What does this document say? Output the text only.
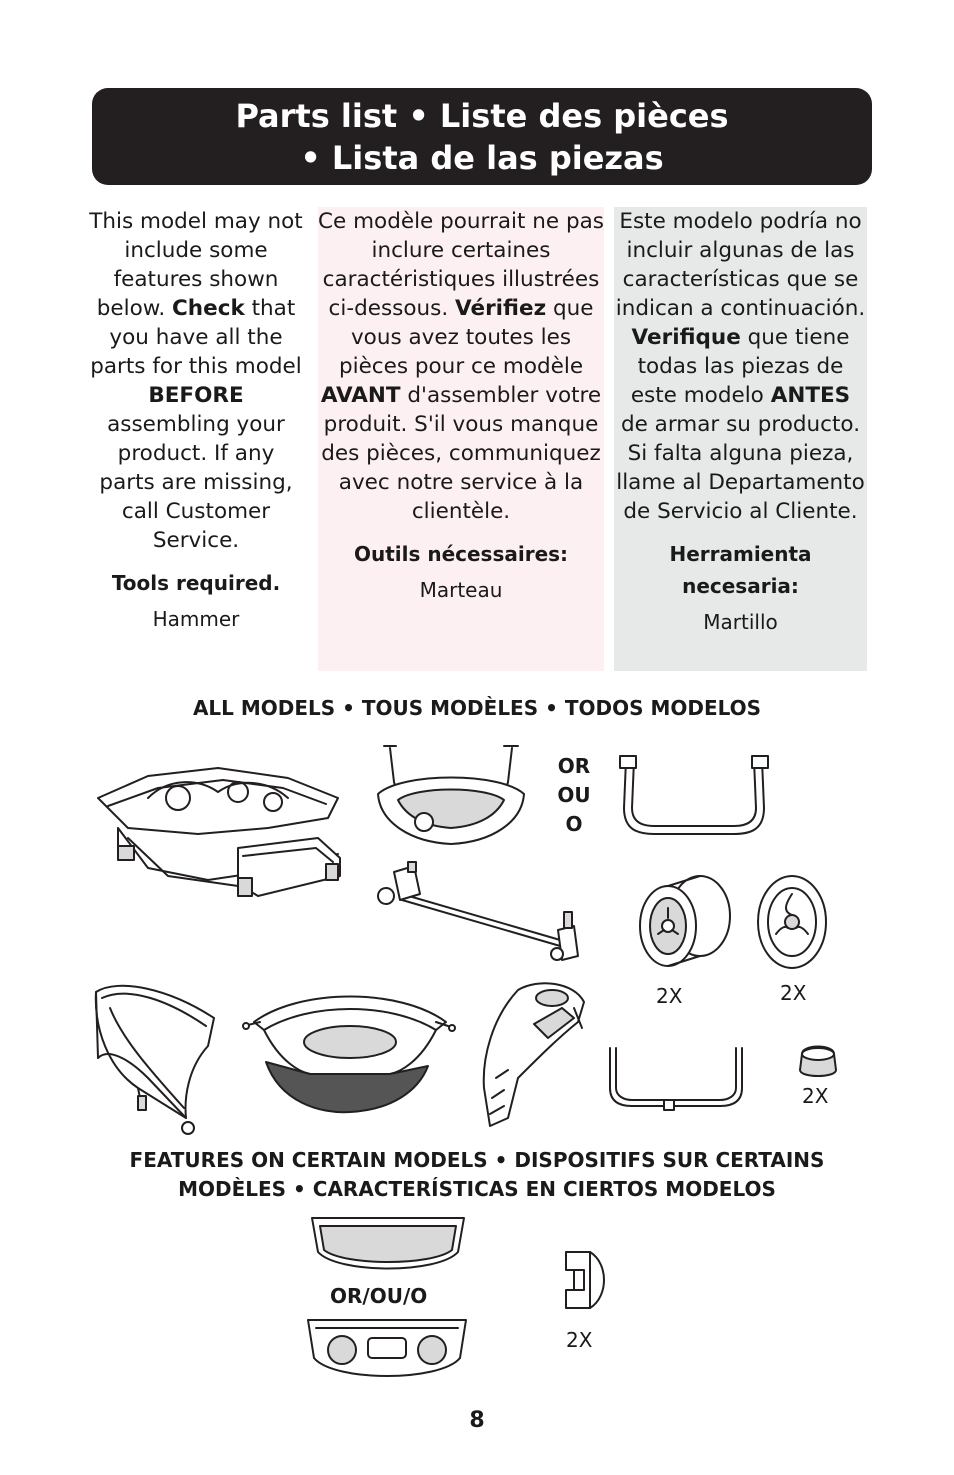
Parts list • Liste des pièces
• Lista de las piezas

This model may not include some features shown below. Check that you have all the parts for this model BEFORE assembling your product. If any parts are missing, call Customer Service.

Tools required.

Hammer

Ce modèle pourrait ne pas inclure certaines caractéristiques illustrées ci-dessous. Vérifiez que vous avez toutes les pièces pour ce modèle AVANT d'assembler votre produit. S'il vous manque des pièces, communiquez avec notre service à la clientèle.

Outils nécessaires:

Marteau

Este modelo podría no incluir algunas de las características que se indican a continuación. Verifique que tiene todas las piezas de este modelo ANTES de armar su producto. Si falta alguna pieza, llame al Departamento de Servicio al Cliente.

Herramienta necesaria:

Martillo

ALL MODELS • TOUS MODÈLES • TODOS MODELOS
OR
OU
O
2X	2X
2X
FEATURES ON CERTAIN MODELS • DISPOSITIFS SUR CERTAINS
MODÈLES • CARACTERÍSTICAS EN CIERTOS MODELOS
OR/OU/O
2X
8
